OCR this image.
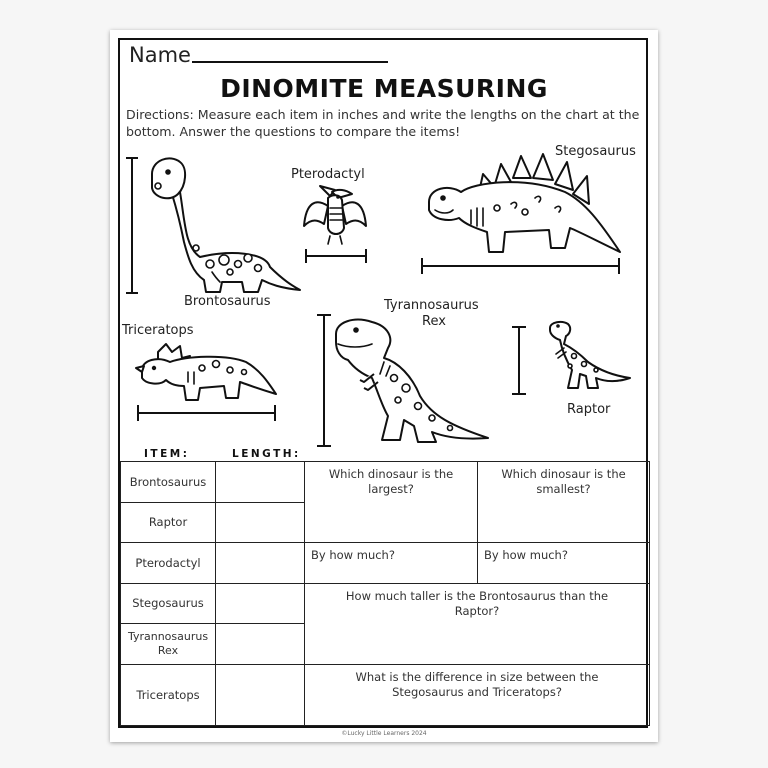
Name
DINOMITE MEASURING
Directions: Measure each item in inches and write the lengths on the chart at the bottom. Answer the questions to compare the items!
Brontosaurus
Pterodactyl
Stegosaurus
Triceratops
Tyrannosaurus
Rex
Raptor
ITEM:	LENGTH:
Brontosaurus		Which dinosaur is the largest?	Which dinosaur is the smallest?
Raptor			
Pterodactyl		By how much?	By how much?
Stegosaurus		How much taller is the Brontosaurus than the Raptor?	

Tyrannosaurus Rex			
Triceratops		What is the difference in size between the Stegosaurus and Triceratops?	
©Lucky Little Learners 2024
